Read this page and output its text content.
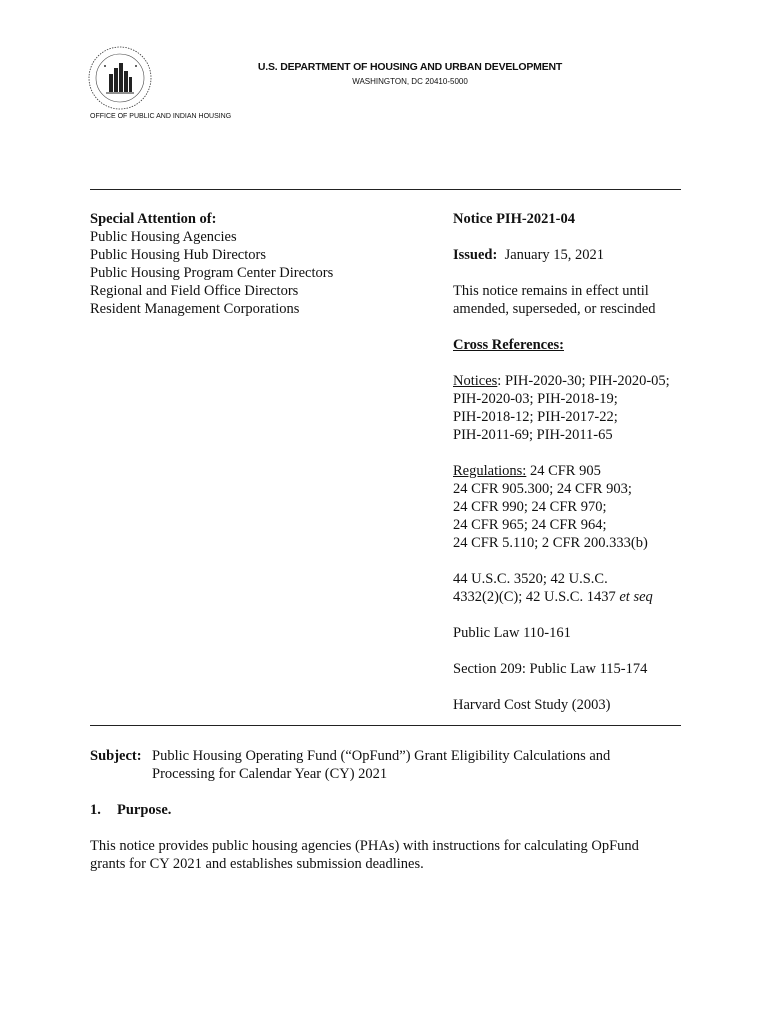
U.S. DEPARTMENT OF HOUSING AND URBAN DEVELOPMENT
WASHINGTON, DC 20410-5000
OFFICE OF PUBLIC AND INDIAN HOUSING
Special Attention of:
Public Housing Agencies
Public Housing Hub Directors
Public Housing Program Center Directors
Regional and Field Office Directors
Resident Management Corporations
Notice PIH-2021-04
Issued: January 15, 2021
This notice remains in effect until
amended, superseded, or rescinded
Cross References:
Notices: PIH-2020-30; PIH-2020-05;
PIH-2020-03; PIH-2018-19;
PIH-2018-12; PIH-2017-22;
PIH-2011-69; PIH-2011-65
Regulations: 24 CFR 905
24 CFR 905.300; 24 CFR 903;
24 CFR 990; 24 CFR 970;
24 CFR 965; 24 CFR 964;
24 CFR 5.110; 2 CFR 200.333(b)
44 U.S.C. 3520; 42 U.S.C.
4332(2)(C); 42 U.S.C. 1437 et seq
Public Law 110-161
Section 209: Public Law 115-174
Harvard Cost Study (2003)
Subject: Public Housing Operating Fund (“OpFund”) Grant Eligibility Calculations and
Processing for Calendar Year (CY) 2021
1. Purpose.
This notice provides public housing agencies (PHAs) with instructions for calculating OpFund
grants for CY 2021 and establishes submission deadlines.
